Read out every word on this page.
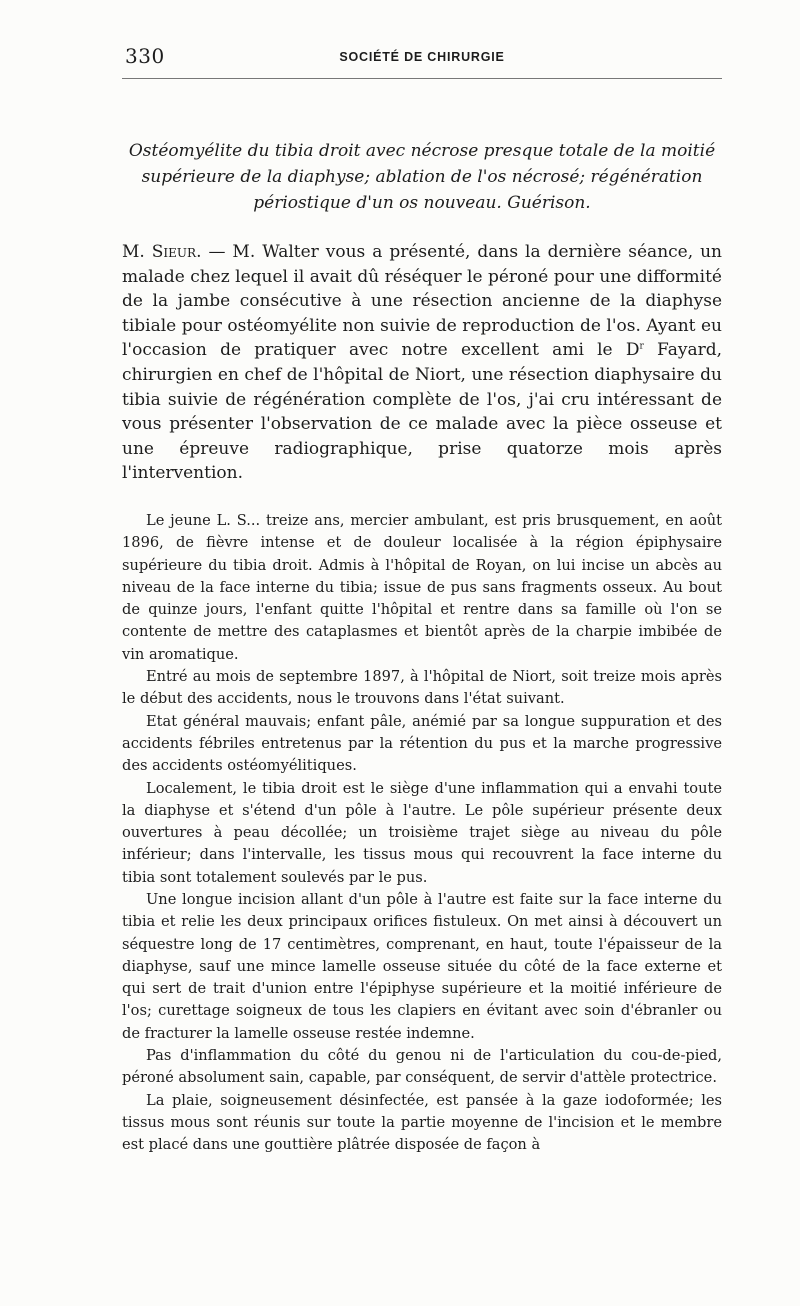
330	SOCIÉTÉ DE CHIRURGIE
Ostéomyélite du tibia droit avec nécrose presque totale de la moitié supérieure de la diaphyse; ablation de l'os nécrosé; régénération périostique d'un os nouveau. Guérison.

M. Sieur. — M. Walter vous a présenté, dans la dernière séance, un malade chez lequel il avait dû réséquer le péroné pour une difformité de la jambe consécutive à une résection ancienne de la diaphyse tibiale pour ostéomyélite non suivie de reproduction de l'os. Ayant eu l'occasion de pratiquer avec notre excellent ami le $D^r$ Fayard, chirurgien en chef de l'hôpital de Niort, une résection diaphysaire du tibia suivie de régénération complète de l'os, j'ai cru intéressant de vous présenter l'observation de ce malade avec la pièce osseuse et une épreuve radiographique, prise quatorze mois après l'intervention.

Le jeune L. S... treize ans, mercier ambulant, est pris brusquement, en août 1896, de fièvre intense et de douleur localisée à la région épiphysaire supérieure du tibia droit. Admis à l'hôpital de Royan, on lui incise un abcès au niveau de la face interne du tibia; issue de pus sans fragments osseux. Au bout de quinze jours, l'enfant quitte l'hôpital et rentre dans sa famille où l'on se contente de mettre des cataplasmes et bientôt après de la charpie imbibée de vin aromatique.

Entré au mois de septembre 1897, à l'hôpital de Niort, soit treize mois après le début des accidents, nous le trouvons dans l'état suivant.

Etat général mauvais; enfant pâle, anémié par sa longue suppuration et des accidents fébriles entretenus par la rétention du pus et la marche progressive des accidents ostéomyélitiques.

Localement, le tibia droit est le siège d'une inflammation qui a envahi toute la diaphyse et s'étend d'un pôle à l'autre. Le pôle supérieur présente deux ouvertures à peau décollée; un troisième trajet siège au niveau du pôle inférieur; dans l'intervalle, les tissus mous qui recouvrent la face interne du tibia sont totalement soulevés par le pus.

Une longue incision allant d'un pôle à l'autre est faite sur la face interne du tibia et relie les deux principaux orifices fistuleux. On met ainsi à découvert un séquestre long de 17 centimètres, comprenant, en haut, toute l'épaisseur de la diaphyse, sauf une mince lamelle osseuse située du côté de la face externe et qui sert de trait d'union entre l'épiphyse supérieure et la moitié inférieure de l'os; curettage soigneux de tous les clapiers en évitant avec soin d'ébranler ou de fracturer la lamelle osseuse restée indemne.

Pas d'inflammation du côté du genou ni de l'articulation du cou-de-pied, péroné absolument sain, capable, par conséquent, de servir d'attèle protectrice.

La plaie, soigneusement désinfectée, est pansée à la gaze iodoformée; les tissus mous sont réunis sur toute la partie moyenne de l'incision et le membre est placé dans une gouttière plâtrée disposée de façon à
